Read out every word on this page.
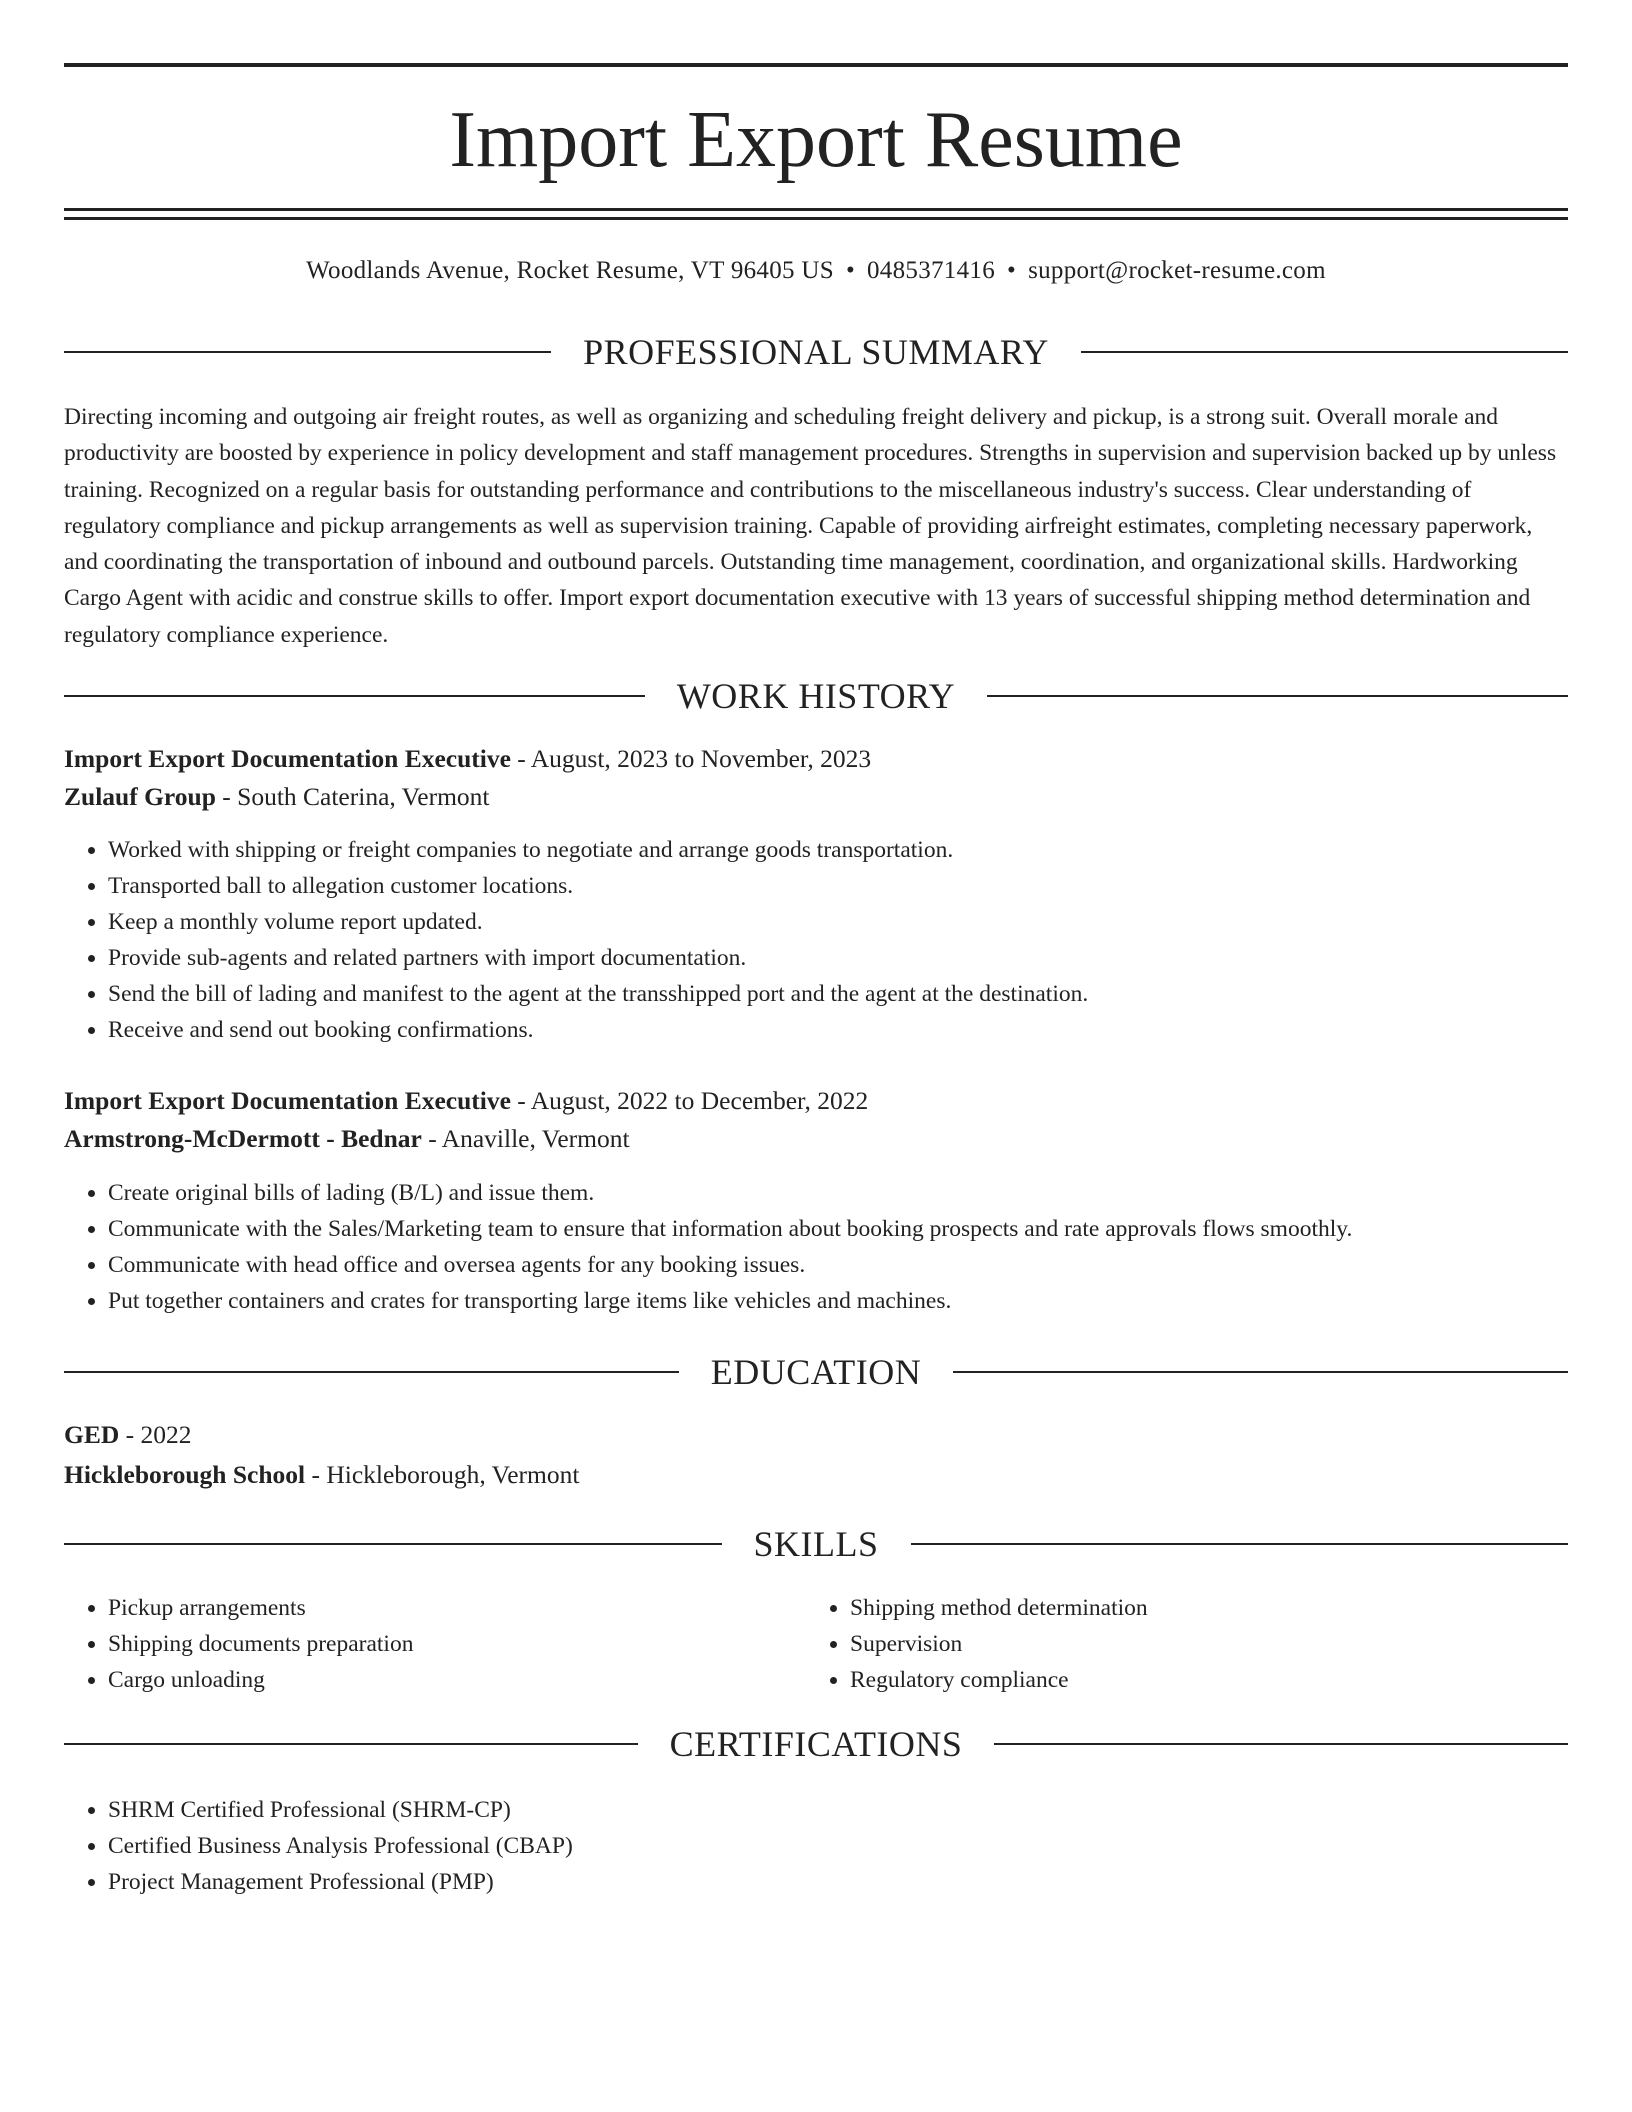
Import Export Resume
Woodlands Avenue, Rocket Resume, VT 96405 US • 0485371416 • support@rocket-resume.com
PROFESSIONAL SUMMARY

Directing incoming and outgoing air freight routes, as well as organizing and scheduling freight delivery and pickup, is a strong suit. Overall morale and productivity are boosted by experience in policy development and staff management procedures. Strengths in supervision and supervision backed up by unless training. Recognized on a regular basis for outstanding performance and contributions to the miscellaneous industry's success. Clear understanding of regulatory compliance and pickup arrangements as well as supervision training. Capable of providing airfreight estimates, completing necessary paperwork, and coordinating the transportation of inbound and outbound parcels. Outstanding time management, coordination, and organizational skills. Hardworking Cargo Agent with acidic and construe skills to offer. Import export documentation executive with 13 years of successful shipping method determination and regulatory compliance experience.

WORK HISTORY
Import Export Documentation Executive - August, 2023 to November, 2023
Zulauf Group - South Caterina, Vermont
• Worked with shipping or freight companies to negotiate and arrange goods transportation.
• Transported ball to allegation customer locations.
• Keep a monthly volume report updated.
• Provide sub-agents and related partners with import documentation.
• Send the bill of lading and manifest to the agent at the transshipped port and the agent at the destination.
• Receive and send out booking confirmations.
Import Export Documentation Executive - August, 2022 to December, 2022
Armstrong-McDermott - Bednar - Anaville, Vermont
• Create original bills of lading (B/L) and issue them.
• Communicate with the Sales/Marketing team to ensure that information about booking prospects and rate approvals flows smoothly.
• Communicate with head office and oversea agents for any booking issues.
• Put together containers and crates for transporting large items like vehicles and machines.
EDUCATION
GED - 2022
Hickleborough School - Hickleborough, Vermont
SKILLS
• Pickup arrangements
• Shipping documents preparation
• Cargo unloading
• Shipping method determination
• Supervision
• Regulatory compliance
CERTIFICATIONS
• SHRM Certified Professional (SHRM-CP)
• Certified Business Analysis Professional (CBAP)
• Project Management Professional (PMP)
